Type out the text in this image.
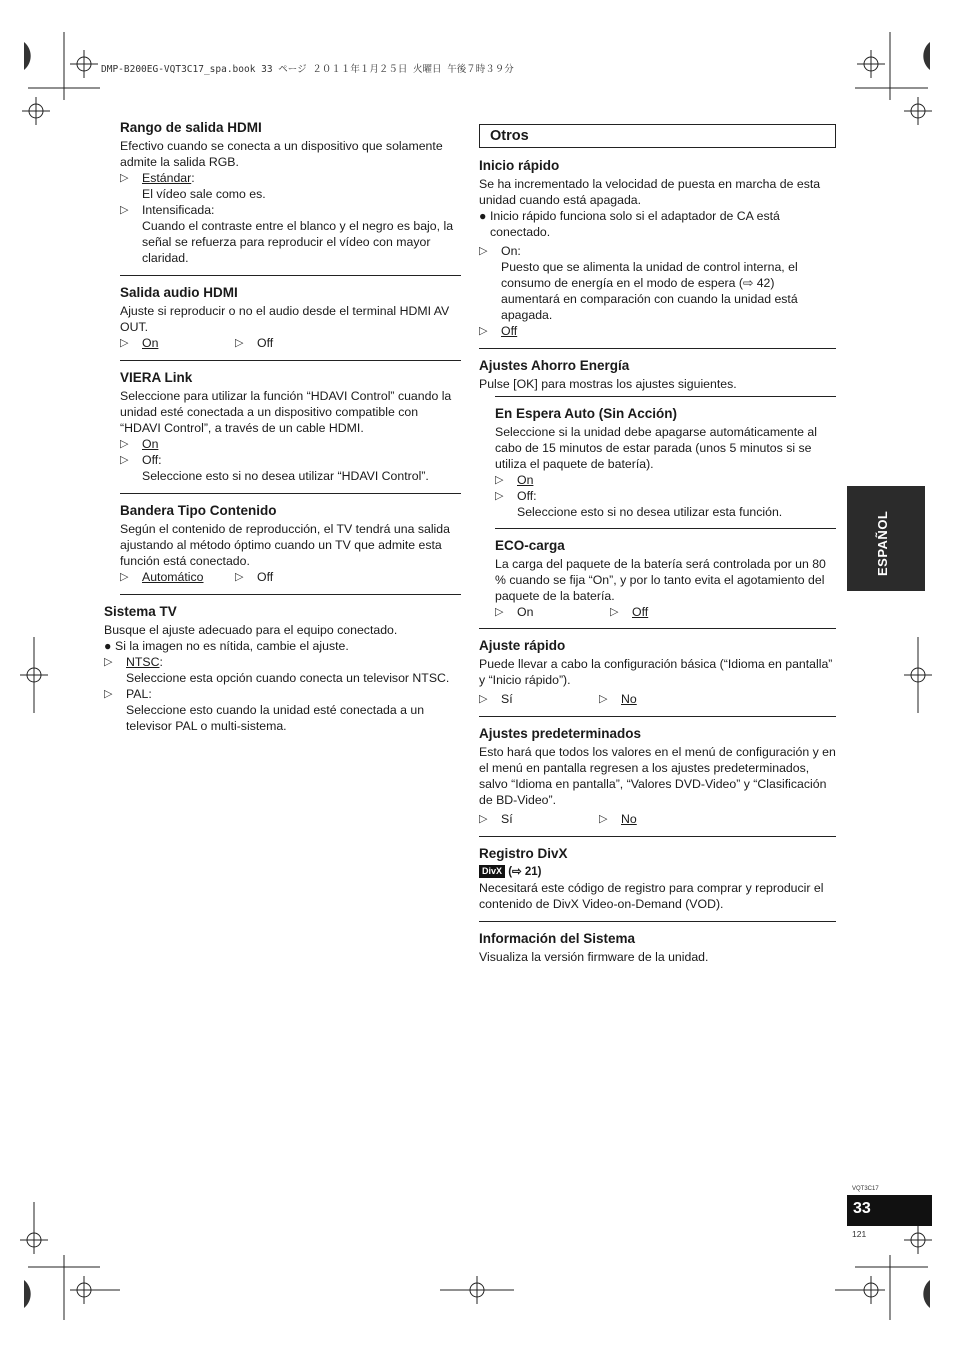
DMP-B200EG-VQT3C17_spa.book 33 ページ ２０１１年１月２５日 火曜日 午後７時３９分
Rango de salida HDMI

Efectivo cuando se conecta a un dispositivo que solamente admite la salida RGB.

▷	Estándar:
El vídeo sale como es.
▷	Intensificada:
Cuando el contraste entre el blanco y el negro es bajo, la señal se refuerza para reproducir el vídeo con mayor claridad.
Salida audio HDMI

Ajuste si reproducir o no el audio desde el terminal HDMI AV OUT.

▷	On	▷	Off
VIERA Link

Seleccione para utilizar la función “HDAVI Control” cuando la unidad esté conectada a un dispositivo compatible con “HDAVI Control”, a través de un cable HDMI.

▷	On
▷	Off:
Seleccione esto si no desea utilizar “HDAVI Control”.
Bandera Tipo Contenido

Según el contenido de reproducción, el TV tendrá una salida ajustando al método óptimo cuando un TV que admite esta función está conectado.

▷	Automático	▷	Off
Sistema TV

Busque el ajuste adecuado para el equipo conectado.

● Si la imagen no es nítida, cambie el ajuste.
▷	NTSC:
Seleccione esta opción cuando conecta un televisor NTSC.
▷	PAL:
Seleccione esto cuando la unidad esté conectada a un televisor PAL o multi-sistema.
Otros
Inicio rápido

Se ha incrementado la velocidad de puesta en marcha de esta unidad cuando está apagada.

● Inicio rápido funciona solo si el adaptador de CA está conectado.
▷	On:
Puesto que se alimenta la unidad de control interna, el consumo de energía en el modo de espera (⇨ 42) aumentará en comparación con cuando la unidad está apagada.
▷	Off
Ajustes Ahorro Energía

Pulse [OK] para mostras los ajustes siguientes.

En Espera Auto (Sin Acción)

Seleccione si la unidad debe apagarse automáticamente al cabo de 15 minutos de estar parada (unos 5 minutos si se utiliza el paquete de batería).

▷	On
▷	Off:
Seleccione esto si no desea utilizar esta función.
ECO-carga

La carga del paquete de la batería será controlada por un 80 % cuando se fija “On”, y por lo tanto evita el agotamiento del paquete de la batería.

▷	On	▷	Off
Ajuste rápido

Puede llevar a cabo la configuración básica (“Idioma en pantalla” y “Inicio rápido”).

▷	Sí	▷	No
Ajustes predeterminados

Esto hará que todos los valores en el menú de configuración y en el menú en pantalla regresen a los ajustes predeterminados, salvo “Idioma en pantalla”, “Valores DVD-Video” y “Clasificación de BD-Video”.

▷	Sí	▷	No
Registro DivX

DivX (⇨ 21)

Necesitará este código de registro para comprar y reproducir el contenido de DivX Video-on-Demand (VOD).

Información del Sistema

Visualiza la versión firmware de la unidad.

ESPAÑOL
VQT3C17
33
121
